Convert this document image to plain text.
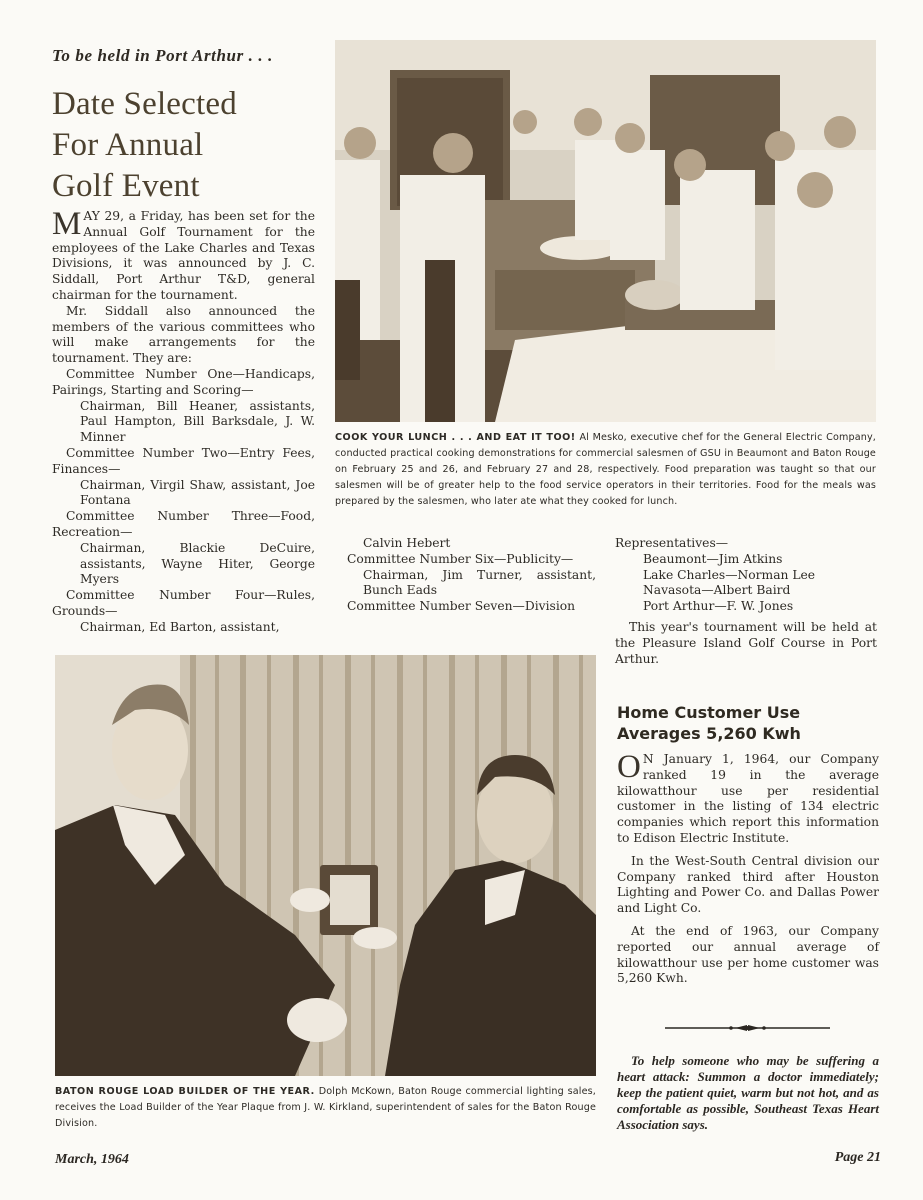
To be held in Port Arthur . . .
Date Selected
For Annual
Golf Event

MAY 29, a Friday, has been set for the Annual Golf Tournament for the employees of the Lake Charles and Texas Divisions, it was announced by J. C. Siddall, Port Arthur T&D, general chairman for the tournament.

Mr. Siddall also announced the members of the various committees who will make arrangements for the tournament. They are:

Committee Number One—Handicaps, Pairings, Starting and Scoring—

Chairman, Bill Heaner, assistants, Paul Hampton, Bill Barksdale, J. W. Minner

Committee Number Two—Entry Fees, Finances—

Chairman, Virgil Shaw, assistant, Joe Fontana

Committee Number Three—Food, Recreation—

Chairman, Blackie DeCuire, assistants, Wayne Hiter, George Myers

Committee Number Four—Rules, Grounds—

Chairman, Ed Barton, assistant,

COOK YOUR LUNCH . . . AND EAT IT TOO! Al Mesko, executive chef for the General Electric Company, conducted practical cooking demonstrations for commercial salesmen of GSU in Beaumont and Baton Rouge on February 25 and 26, and February 27 and 28, respectively. Food preparation was taught so that our salesmen will be of greater help to the food service operators in their territories. Food for the meals was prepared by the salesmen, who later ate what they cooked for lunch.

Calvin Hebert

Committee Number Six—Publicity—

Chairman, Jim Turner, assistant, Bunch Eads

Committee Number Seven—Division

Representatives—

Beaumont—Jim Atkins

Lake Charles—Norman Lee

Navasota—Albert Baird

Port Arthur—F. W. Jones

This year's tournament will be held at the Pleasure Island Golf Course in Port Arthur.

BATON ROUGE LOAD BUILDER OF THE YEAR. Dolph McKown, Baton Rouge commercial lighting sales, receives the Load Builder of the Year Plaque from J. W. Kirkland, superintendent of sales for the Baton Rouge Division.
Home Customer Use
Averages 5,260 Kwh

O N January 1, 1964, our Company ranked 19 in the average kilowatthour use per residential customer in the listing of 134 electric companies which report this information to Edison Electric Institute.

In the West-South Central division our Company ranked third after Houston Lighting and Power Co. and Dallas Power and Light Co.

At the end of 1963, our Company reported our annual average of kilowatthour use per home customer was 5,260 Kwh.

To help someone who may be suffering a heart attack: Summon a doctor immediately; keep the patient quiet, warm but not hot, and as comfortable as possible, Southeast Texas Heart Association says.
March, 1964	Page 21
